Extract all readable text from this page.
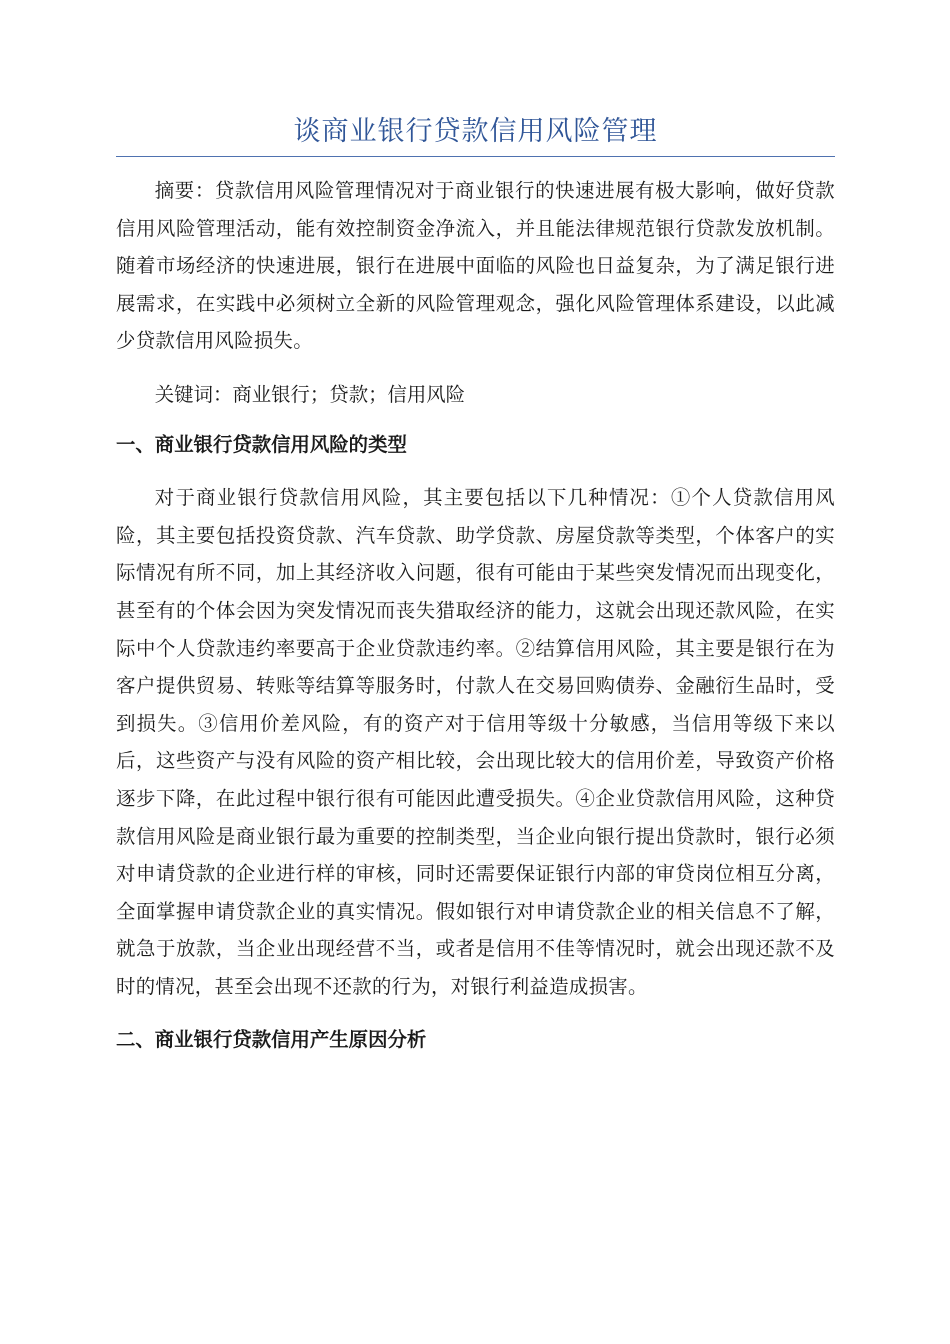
谈商业银行贷款信用风险管理

摘要：贷款信用风险管理情况对于商业银行的快速进展有极大影响，做好贷款信用风险管理活动，能有效控制资金净流入，并且能法律规范银行贷款发放机制。随着市场经济的快速进展，银行在进展中面临的风险也日益复杂，为了满足银行进展需求，在实践中必须树立全新的风险管理观念，强化风险管理体系建设，以此减少贷款信用风险损失。

关键词：商业银行；贷款；信用风险

一、商业银行贷款信用风险的类型

对于商业银行贷款信用风险，其主要包括以下几种情况：①个人贷款信用风险，其主要包括投资贷款、汽车贷款、助学贷款、房屋贷款等类型，个体客户的实际情况有所不同，加上其经济收入问题，很有可能由于某些突发情况而出现变化，甚至有的个体会因为突发情况而丧失猎取经济的能力，这就会出现还款风险，在实际中个人贷款违约率要高于企业贷款违约率。②结算信用风险，其主要是银行在为客户提供贸易、转账等结算等服务时，付款人在交易回购债券、金融衍生品时，受到损失。③信用价差风险，有的资产对于信用等级十分敏感，当信用等级下来以后，这些资产与没有风险的资产相比较，会出现比较大的信用价差，导致资产价格逐步下降，在此过程中银行很有可能因此遭受损失。④企业贷款信用风险，这种贷款信用风险是商业银行最为重要的控制类型，当企业向银行提出贷款时，银行必须对申请贷款的企业进行样的审核，同时还需要保证银行内部的审贷岗位相互分离，全面掌握申请贷款企业的真实情况。假如银行对申请贷款企业的相关信息不了解，就急于放款，当企业出现经营不当，或者是信用不佳等情况时，就会出现还款不及时的情况，甚至会出现不还款的行为，对银行利益造成损害。

二、商业银行贷款信用产生原因分析
